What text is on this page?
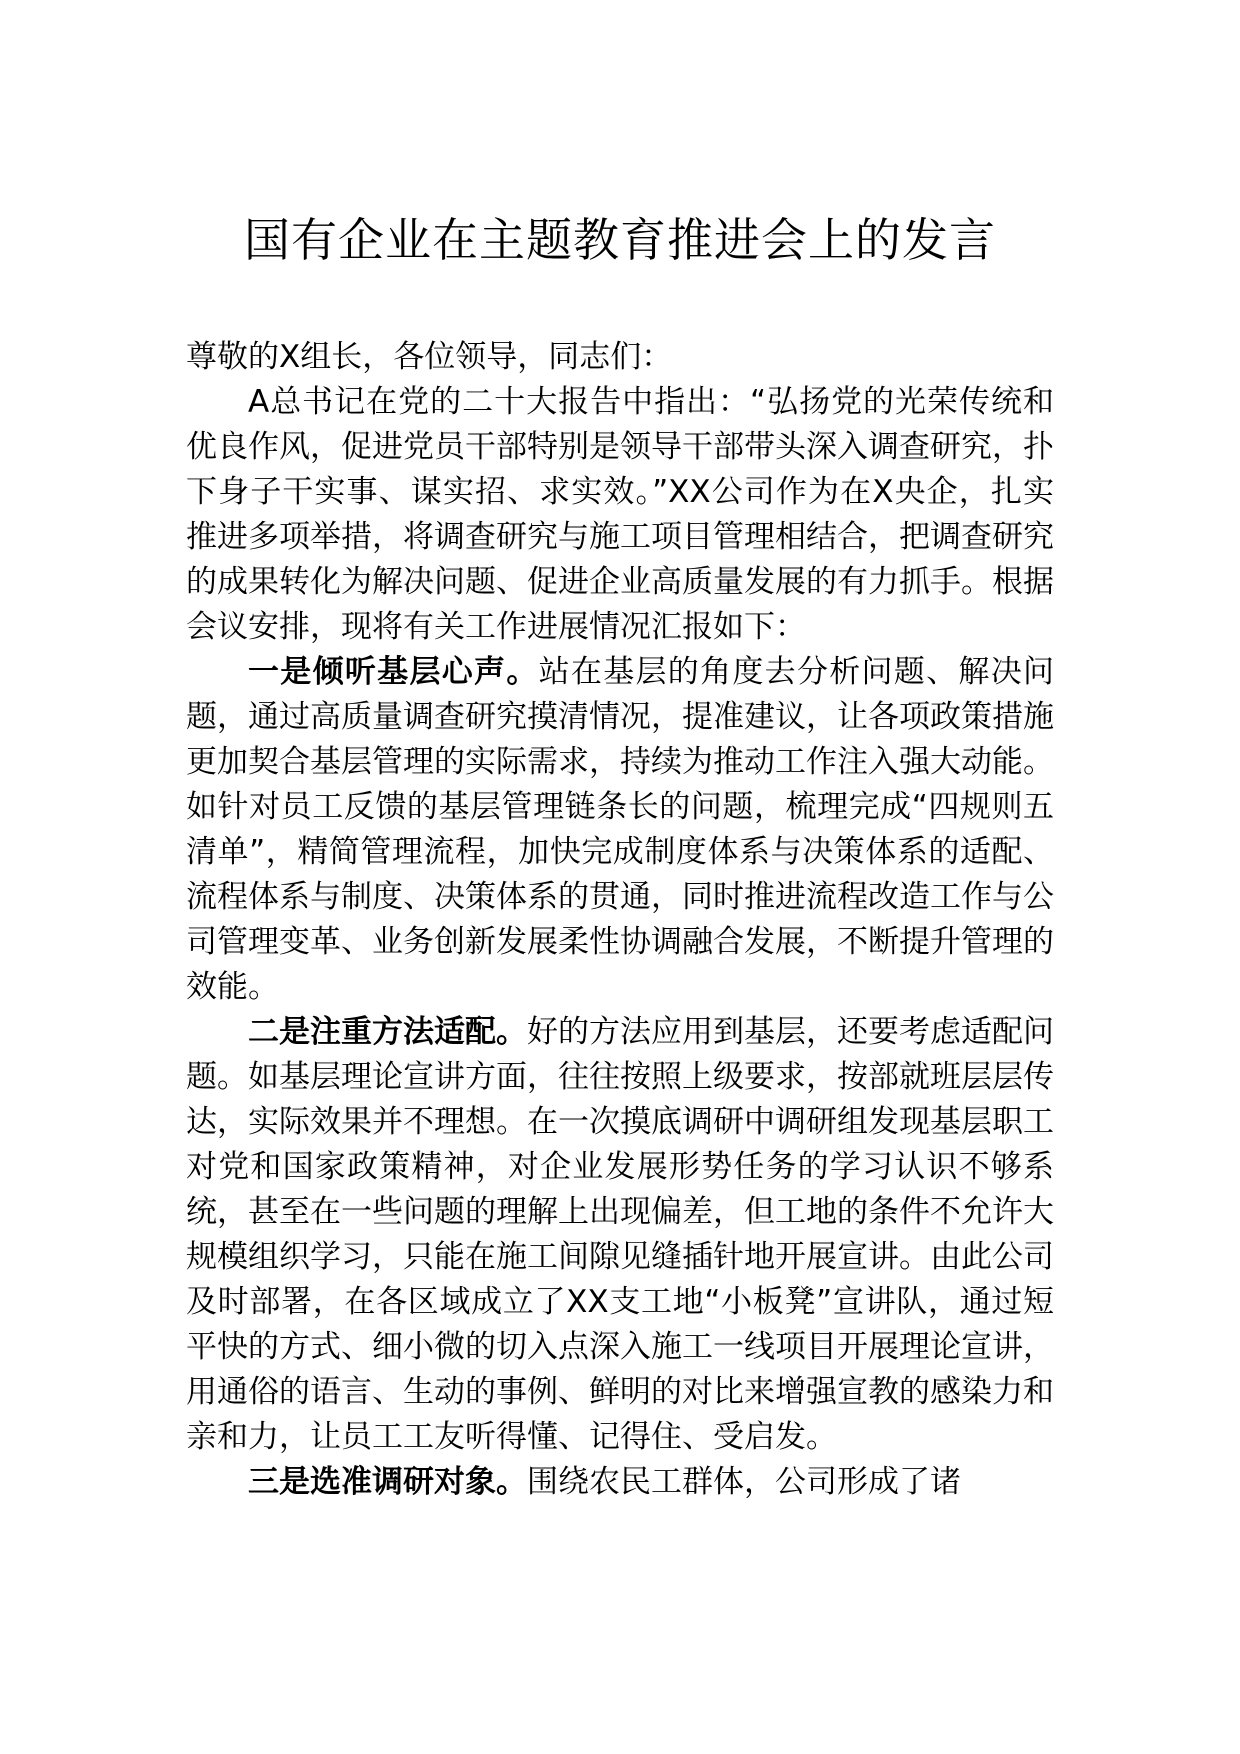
国有企业在主题教育推进会上的发言

尊敬的X组长，各位领导，同志们：

A总书记在党的二十大报告中指出：“弘扬党的光荣传统和优良作风，促进党员干部特别是领导干部带头深入调查研究，扑下身子干实事、谋实招、求实效。”XX公司作为在X央企，扎实推进多项举措，将调查研究与施工项目管理相结合，把调查研究的成果转化为解决问题、促进企业高质量发展的有力抓手。根据会议安排，现将有关工作进展情况汇报如下：

一是倾听基层心声。站在基层的角度去分析问题、解决问题，通过高质量调查研究摸清情况，提准建议，让各项政策措施更加契合基层管理的实际需求，持续为推动工作注入强大动能。如针对员工反馈的基层管理链条长的问题，梳理完成“四规则五清单”，精简管理流程，加快完成制度体系与决策体系的适配、流程体系与制度、决策体系的贯通，同时推进流程改造工作与公司管理变革、业务创新发展柔性协调融合发展，不断提升管理的效能。

二是注重方法适配。好的方法应用到基层，还要考虑适配问题。如基层理论宣讲方面，往往按照上级要求，按部就班层层传达，实际效果并不理想。在一次摸底调研中调研组发现基层职工对党和国家政策精神，对企业发展形势任务的学习认识不够系统，甚至在一些问题的理解上出现偏差，但工地的条件不允许大规模组织学习，只能在施工间隙见缝插针地开展宣讲。由此公司及时部署，在各区域成立了XX支工地“小板凳”宣讲队，通过短平快的方式、细小微的切入点深入施工一线项目开展理论宣讲，用通俗的语言、生动的事例、鲜明的对比来增强宣教的感染力和亲和力，让员工工友听得懂、记得住、受启发。

三是选准调研对象。围绕农民工群体，公司形成了诸
